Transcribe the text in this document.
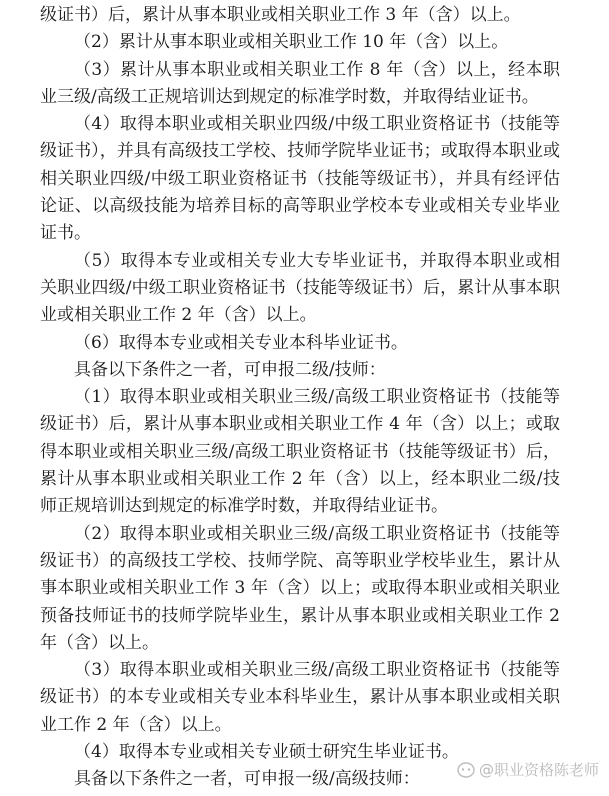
级证书）后，累计从事本职业或相关职业工作 3 年（含）以上。

（2）累计从事本职业或相关职业工作 10 年（含）以上。

（3）累计从事本职业或相关职业工作 8 年（含）以上，经本职业三级/高级工正规培训达到规定的标准学时数，并取得结业证书。

（4）取得本职业或相关职业四级/中级工职业资格证书（技能等级证书），并具有高级技工学校、技师学院毕业证书；或取得本职业或相关职业四级/中级工职业资格证书（技能等级证书），并具有经评估论证、以高级技能为培养目标的高等职业学校本专业或相关专业毕业证书。

（5）取得本专业或相关专业大专毕业证书，并取得本职业或相关职业四级/中级工职业资格证书（技能等级证书）后，累计从事本职业或相关职业工作 2 年（含）以上。

（6）取得本专业或相关专业本科毕业证书。

具备以下条件之一者，可申报二级/技师：

（1）取得本职业或相关职业三级/高级工职业资格证书（技能等级证书）后，累计从事本职业或相关职业工作 4 年（含）以上；或取得本职业或相关职业三级/高级工职业资格证书（技能等级证书）后，累计从事本职业或相关职业工作 2 年（含）以上，经本职业二级/技师正规培训达到规定的标准学时数，并取得结业证书。

（2）取得本职业或相关职业三级/高级工职业资格证书（技能等级证书）的高级技工学校、技师学院、高等职业学校毕业生，累计从事本职业或相关职业工作 3 年（含）以上；或取得本职业或相关职业预备技师证书的技师学院毕业生，累计从事本职业或相关职业工作 2 年（含）以上。

（3）取得本职业或相关职业三级/高级工职业资格证书（技能等级证书）的本专业或相关专业本科毕业生，累计从事本职业或相关职业工作 2 年（含）以上。

（4）取得本专业或相关专业硕士研究生毕业证书。

具备以下条件之一者，可申报一级/高级技师：	@职业资格陈老师
